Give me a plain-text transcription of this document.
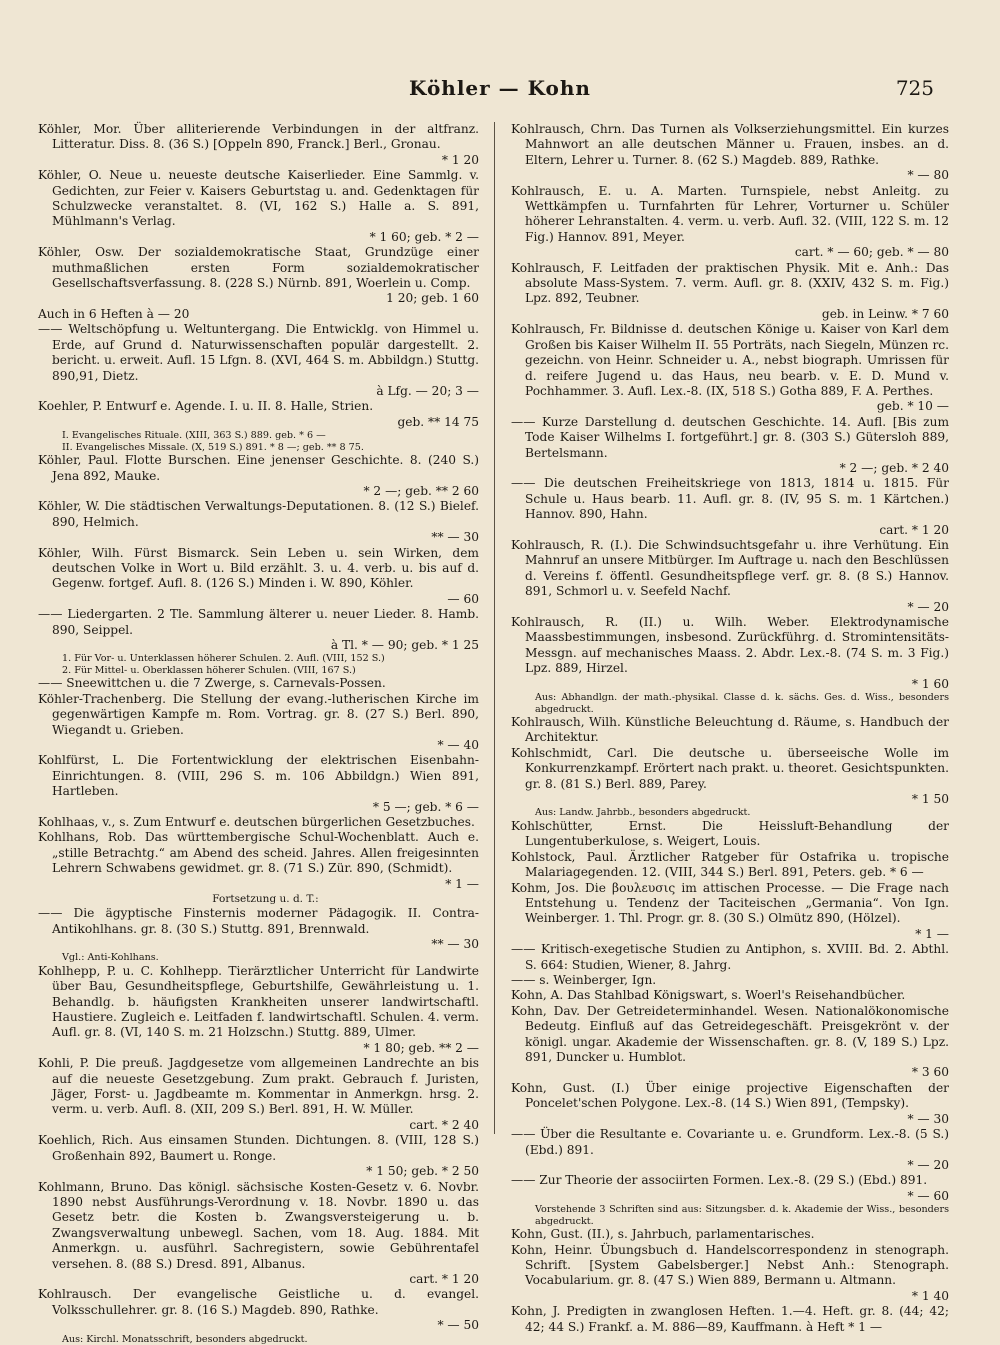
Köhler — Kohn	725
Köhler, Mor. Über alliterierende Verbindungen in der altfranz. Litteratur. Diss. 8. (36 S.) [Oppeln 890, Franck.] Berl., Gronau.
* 1 20
Köhler, O. Neue u. neueste deutsche Kaiserlieder. Eine Sammlg. v. Gedichten, zur Feier v. Kaisers Geburtstag u. and. Gedenktagen für Schulzwecke veranstaltet. 8. (VI, 162 S.) Halle a. S. 891, Mühlmann's Verlag.
* 1 60; geb. * 2 —
Köhler, Osw. Der sozialdemokratische Staat, Grundzüge einer muthmaßlichen ersten Form sozialdemokratischer Gesellschaftsverfassung. 8. (228 S.) Nürnb. 891, Woerlein u. Comp.
1 20; geb. 1 60
Auch in 6 Heften à — 20
—— Weltschöpfung u. Weltuntergang. Die Entwicklg. von Himmel u. Erde, auf Grund d. Naturwissenschaften populär dargestellt. 2. bericht. u. erweit. Aufl. 15 Lfgn. 8. (XVI, 464 S. m. Abbildgn.) Stuttg. 890,91, Dietz.
à Lfg. — 20; 3 —
Koehler, P. Entwurf e. Agende. I. u. II. 8. Halle, Strien.
geb. ** 14 75
I. Evangelisches Rituale. (XIII, 363 S.) 889. geb. * 6 —
II. Evangelisches Missale. (X, 519 S.) 891. * 8 —; geb. ** 8 75.
Köhler, Paul. Flotte Burschen. Eine jenenser Geschichte. 8. (240 S.) Jena 892, Mauke.
* 2 —; geb. ** 2 60
Köhler, W. Die städtischen Verwaltungs-Deputationen. 8. (12 S.) Bielef. 890, Helmich.
** — 30
Köhler, Wilh. Fürst Bismarck. Sein Leben u. sein Wirken, dem deutschen Volke in Wort u. Bild erzählt. 3. u. 4. verb. u. bis auf d. Gegenw. fortgef. Aufl. 8. (126 S.) Minden i. W. 890, Köhler.
— 60
—— Liedergarten. 2 Tle. Sammlung älterer u. neuer Lieder. 8. Hamb. 890, Seippel.
à Tl. * — 90; geb. * 1 25
1. Für Vor- u. Unterklassen höherer Schulen. 2. Aufl. (VIII, 152 S.)
2. Für Mittel- u. Oberklassen höherer Schulen. (VIII, 167 S.)
—— Sneewittchen u. die 7 Zwerge, s. Carnevals-Possen.
Köhler-Trachenberg. Die Stellung der evang.-lutherischen Kirche im gegenwärtigen Kampfe m. Rom. Vortrag. gr. 8. (27 S.) Berl. 890, Wiegandt u. Grieben.
* — 40
Kohlfürst, L. Die Fortentwicklung der elektrischen Eisenbahn-Einrichtungen. 8. (VIII, 296 S. m. 106 Abbildgn.) Wien 891, Hartleben.
* 5 —; geb. * 6 —
Kohlhaas, v., s. Zum Entwurf e. deutschen bürgerlichen Gesetzbuches.
Kohlhans, Rob. Das württembergische Schul-Wochenblatt. Auch e. „stille Betrachtg.“ am Abend des scheid. Jahres. Allen freigesinnten Lehrern Schwabens gewidmet. gr. 8. (71 S.) Zür. 890, (Schmidt).
* 1 —
Fortsetzung u. d. T.:
—— Die ägyptische Finsternis moderner Pädagogik. II. Contra-Antikohlhans. gr. 8. (30 S.) Stuttg. 891, Brennwald.
** — 30
Vgl.: Anti-Kohlhans.
Kohlhepp, P. u. C. Kohlhepp. Tierärztlicher Unterricht für Landwirte über Bau, Gesundheitspflege, Geburtshilfe, Gewährleistung u. 1. Behandlg. b. häufigsten Krankheiten unserer landwirtschaftl. Haustiere. Zugleich e. Leitfaden f. landwirtschaftl. Schulen. 4. verm. Aufl. gr. 8. (VI, 140 S. m. 21 Holzschn.) Stuttg. 889, Ulmer.
* 1 80; geb. ** 2 —
Kohli, P. Die preuß. Jagdgesetze vom allgemeinen Landrechte an bis auf die neueste Gesetzgebung. Zum prakt. Gebrauch f. Juristen, Jäger, Forst- u. Jagdbeamte m. Kommentar in Anmerkgn. hrsg. 2. verm. u. verb. Aufl. 8. (XII, 209 S.) Berl. 891, H. W. Müller.
cart. * 2 40
Koehlich, Rich. Aus einsamen Stunden. Dichtungen. 8. (VIII, 128 S.) Großenhain 892, Baumert u. Ronge.
* 1 50; geb. * 2 50
Kohlmann, Bruno. Das königl. sächsische Kosten-Gesetz v. 6. Novbr. 1890 nebst Ausführungs-Verordnung v. 18. Novbr. 1890 u. das Gesetz betr. die Kosten b. Zwangsversteigerung u. b. Zwangsverwaltung unbewegl. Sachen, vom 18. Aug. 1884. Mit Anmerkgn. u. ausführl. Sachregistern, sowie Gebührentafel versehen. 8. (88 S.) Dresd. 891, Albanus.
cart. * 1 20
Kohlrausch. Der evangelische Geistliche u. d. evangel. Volksschullehrer. gr. 8. (16 S.) Magdeb. 890, Rathke.
* — 50
Aus: Kirchl. Monatsschrift, besonders abgedruckt.
Kohlrausch, Chrn. Das Turnen als Volkserziehungsmittel. Ein kurzes Mahnwort an alle deutschen Männer u. Frauen, insbes. an d. Eltern, Lehrer u. Turner. 8. (62 S.) Magdeb. 889, Rathke.
* — 80
Kohlrausch, E. u. A. Marten. Turnspiele, nebst Anleitg. zu Wettkämpfen u. Turnfahrten für Lehrer, Vorturner u. Schüler höherer Lehranstalten. 4. verm. u. verb. Aufl. 32. (VIII, 122 S. m. 12 Fig.) Hannov. 891, Meyer.
cart. * — 60; geb. * — 80
Kohlrausch, F. Leitfaden der praktischen Physik. Mit e. Anh.: Das absolute Mass-System. 7. verm. Aufl. gr. 8. (XXIV, 432 S. m. Fig.) Lpz. 892, Teubner.
geb. in Leinw. * 7 60
Kohlrausch, Fr. Bildnisse d. deutschen Könige u. Kaiser von Karl dem Großen bis Kaiser Wilhelm II. 55 Porträts, nach Siegeln, Münzen rc. gezeichn. von Heinr. Schneider u. A., nebst biograph. Umrissen für d. reifere Jugend u. das Haus, neu bearb. v. E. D. Mund v. Pochhammer. 3. Aufl. Lex.-8. (IX, 518 S.) Gotha 889, F. A. Perthes.
geb. * 10 —
—— Kurze Darstellung d. deutschen Geschichte. 14. Aufl. [Bis zum Tode Kaiser Wilhelms I. fortgeführt.] gr. 8. (303 S.) Gütersloh 889, Bertelsmann.
* 2 —; geb. * 2 40
—— Die deutschen Freiheitskriege von 1813, 1814 u. 1815. Für Schule u. Haus bearb. 11. Aufl. gr. 8. (IV, 95 S. m. 1 Kärtchen.) Hannov. 890, Hahn.
cart. * 1 20
Kohlrausch, R. (I.). Die Schwindsuchtsgefahr u. ihre Verhütung. Ein Mahnruf an unsere Mitbürger. Im Auftrage u. nach den Beschlüssen d. Vereins f. öffentl. Gesundheitspflege verf. gr. 8. (8 S.) Hannov. 891, Schmorl u. v. Seefeld Nachf.
* — 20
Kohlrausch, R. (II.) u. Wilh. Weber. Elektrodynamische Maassbestimmungen, insbesond. Zurückführg. d. Stromintensitäts-Messgn. auf mechanisches Maass. 2. Abdr. Lex.-8. (74 S. m. 3 Fig.) Lpz. 889, Hirzel.
* 1 60
Aus: Abhandlgn. der math.-physikal. Classe d. k. sächs. Ges. d. Wiss., besonders abgedruckt.
Kohlrausch, Wilh. Künstliche Beleuchtung d. Räume, s. Handbuch der Architektur.
Kohlschmidt, Carl. Die deutsche u. überseeische Wolle im Konkurrenzkampf. Erörtert nach prakt. u. theoret. Gesichtspunkten. gr. 8. (81 S.) Berl. 889, Parey.
* 1 50
Aus: Landw. Jahrbb., besonders abgedruckt.
Kohlschütter, Ernst. Die Heissluft-Behandlung der Lungentuberkulose, s. Weigert, Louis.
Kohlstock, Paul. Ärztlicher Ratgeber für Ostafrika u. tropische Malariagegenden. 12. (VIII, 344 S.) Berl. 891, Peters. geb. * 6 —
Kohm, Jos. Die βουλευσις im attischen Processe. — Die Frage nach Entstehung u. Tendenz der Taciteischen „Germania“. Von Ign. Weinberger. 1. Thl. Progr. gr. 8. (30 S.) Olmütz 890, (Hölzel).
* 1 —
—— Kritisch-exegetische Studien zu Antiphon, s. XVIII. Bd. 2. Abthl. S. 664: Studien, Wiener, 8. Jahrg.
—— s. Weinberger, Ign.
Kohn, A. Das Stahlbad Königswart, s. Woerl's Reisehandbücher.
Kohn, Dav. Der Getreideterminhandel. Wesen. Nationalökonomische Bedeutg. Einfluß auf das Getreidegeschäft. Preisgekrönt v. der königl. ungar. Akademie der Wissenschaften. gr. 8. (V, 189 S.) Lpz. 891, Duncker u. Humblot.
* 3 60
Kohn, Gust. (I.) Über einige projective Eigenschaften der Poncelet'schen Polygone. Lex.-8. (14 S.) Wien 891, (Tempsky).
* — 30
—— Über die Resultante e. Covariante u. e. Grundform. Lex.-8. (5 S.) (Ebd.) 891.
* — 20
—— Zur Theorie der associirten Formen. Lex.-8. (29 S.) (Ebd.) 891.
* — 60
Vorstehende 3 Schriften sind aus: Sitzungsber. d. k. Akademie der Wiss., besonders abgedruckt.
Kohn, Gust. (II.), s. Jahrbuch, parlamentarisches.
Kohn, Heinr. Übungsbuch d. Handelscorrespondenz in stenograph. Schrift. [System Gabelsberger.] Nebst Anh.: Stenograph. Vocabularium. gr. 8. (47 S.) Wien 889, Bermann u. Altmann.
* 1 40
Kohn, J. Predigten in zwanglosen Heften. 1.—4. Heft. gr. 8. (44; 42; 42; 44 S.) Frankf. a. M. 886—89, Kauffmann. à Heft * 1 —
